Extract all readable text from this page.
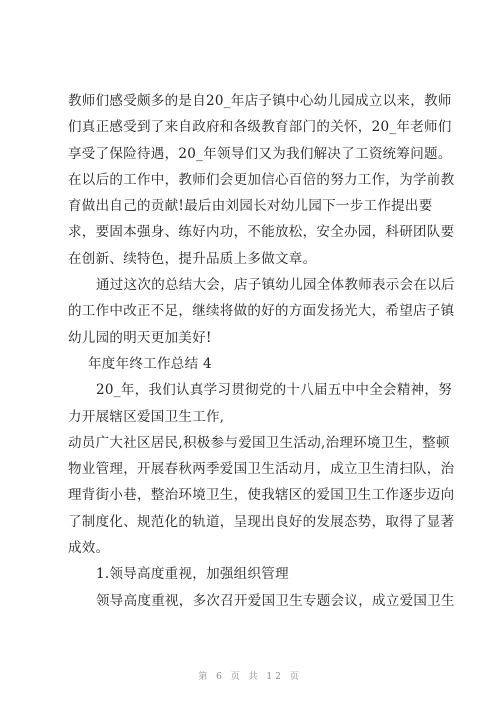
教师们感受颇多的是自20_年店子镇中心幼儿园成立以来，教师
们真正感受到了来自政府和各级教育部门的关怀，20_年老师们
享受了保险待遇，20_年领导们又为我们解决了工资统筹问题。
在以后的工作中，教师们会更加信心百倍的努力工作，为学前教
育做出自己的贡献!最后由刘园长对幼儿园下一步工作提出要
求，要固本强身、练好内功，不能放松，安全办园，科研团队要
在创新、续特色，提升品质上多做文章。
通过这次的总结大会，店子镇幼儿园全体教师表示会在以后
的工作中改正不足，继续将做的好的方面发扬光大，希望店子镇
幼儿园的明天更加美好!
年度年终工作总结 4
20_年，我们认真学习贯彻党的十八届五中中全会精神，努
力开展辖区爱国卫生工作,
动员广大社区居民,积极参与爱国卫生活动,治理环境卫生，整顿
物业管理，开展春秋两季爱国卫生活动月，成立卫生清扫队，治
理背街小巷，整治环境卫生，使我辖区的爱国卫生工作逐步迈向
了制度化、规范化的轨道，呈现出良好的发展态势，取得了显著
成效。
1.领导高度重视，加强组织管理
领导高度重视，多次召开爱国卫生专题会议，成立爱国卫生
第 6 页 共 12 页
